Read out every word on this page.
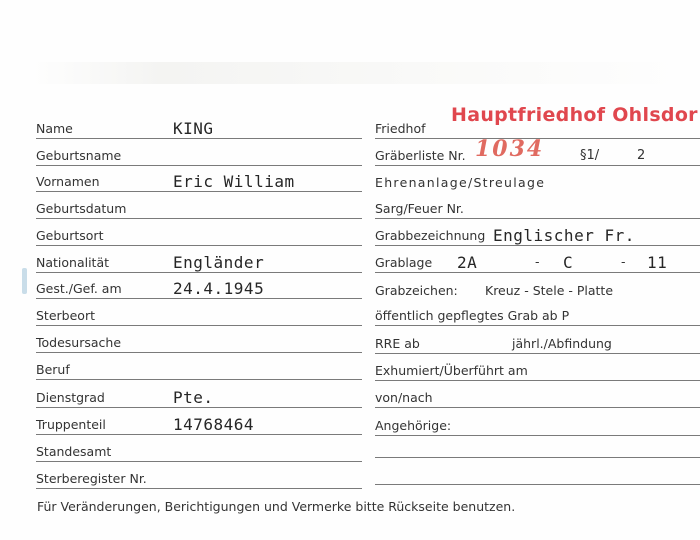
Name	KING
Geburtsname
Vornamen	Eric William
Geburtsdatum
Geburtsort
Nationalität	Engländer
Gest./Gef. am	24.4.1945
Sterbeort
Todesursache
Beruf
Dienstgrad	Pte.
Truppenteil	14768464
Standesamt
Sterberegister Nr.
Friedhof
Hauptfriedhof Ohlsdor
Gräberliste Nr.	§1/	2
1034
Ehrenanlage/Streulage
Sarg/Feuer Nr.
Grabbezeichnung Englischer Fr.
Grablage 2A	- C	- 11
Grabzeichen: Kreuz - Stele - Platte
öffentlich gepflegtes Grab ab P
RRE ab	jährl./Abfindung
Exhumiert/Überführt am
von/nach
Angehörige:
Für Veränderungen, Berichtigungen und Vermerke bitte Rückseite benutzen.
